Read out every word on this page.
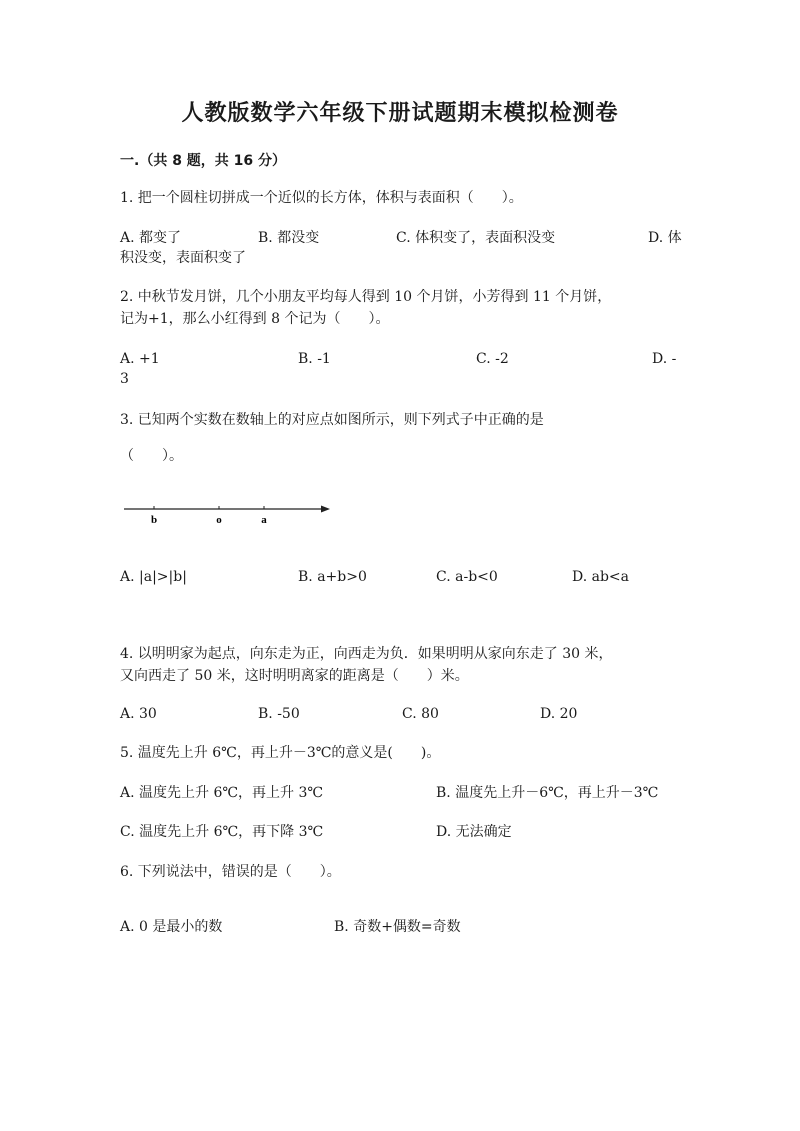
人教版数学六年级下册试题期末模拟检测卷
一.（共 8 题，共 16 分）
1. 把一个圆柱切拼成一个近似的长方体，体积与表面积（　　）。
A. 都变了	B. 都没变	C. 体积变了，表面积没变	D. 体
积没变，表面积变了
2. 中秋节发月饼，几个小朋友平均每人得到 10 个月饼，小芳得到 11 个月饼，
记为+1，那么小红得到 8 个记为（　　）。
A. +1	B. -1	C. -2	D. -
3
3. 已知两个实数在数轴上的对应点如图所示，则下列式子中正确的是
（　　）。
b	o	a
A. |a|>|b|	B. a+b>0	C. a-b<0	D. ab<a
4. 以明明家为起点，向东走为正，向西走为负．如果明明从家向东走了 30 米，
又向西走了 50 米，这时明明离家的距离是（　　）米。
A. 30	B. -50	C. 80	D. 20
5. 温度先上升 6℃，再上升－3℃的意义是(　　)。
A. 温度先上升 6℃，再上升 3℃	B. 温度先上升－6℃，再上升－3℃
C. 温度先上升 6℃，再下降 3℃	D. 无法确定
6. 下列说法中，错误的是（　　）。
A. 0 是最小的数	B. 奇数+偶数=奇数
